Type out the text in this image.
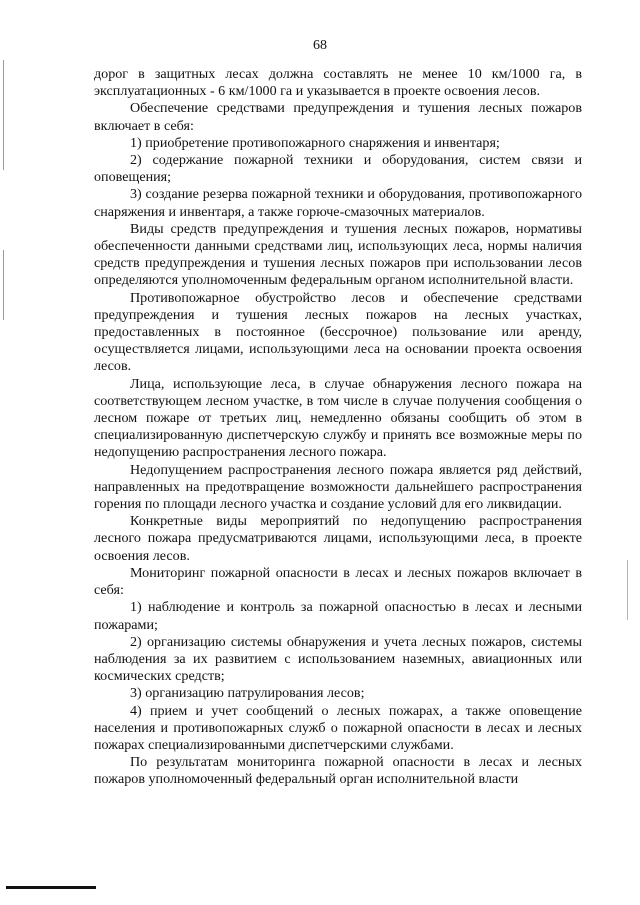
68

дорог в защитных лесах должна составлять не менее 10 км/1000 га, в эксплуатационных - 6 км/1000 га и указывается в проекте освоения лесов.

Обеспечение средствами предупреждения и тушения лесных пожаров включает в себя:

1) приобретение противопожарного снаряжения и инвентаря;

2) содержание пожарной техники и оборудования, систем связи и оповещения;

3) создание резерва пожарной техники и оборудования, противопожарного снаряжения и инвентаря, а также горюче-смазочных материалов.

Виды средств предупреждения и тушения лесных пожаров, нормативы обеспеченности данными средствами лиц, использующих леса, нормы наличия средств предупреждения и тушения лесных пожаров при использовании лесов определяются уполномоченным федеральным органом исполнительной власти.

Противопожарное обустройство лесов и обеспечение средствами предупреждения и тушения лесных пожаров на лесных участках, предоставленных в постоянное (бессрочное) пользование или аренду, осуществляется лицами, использующими леса на основании проекта освоения лесов.

Лица, использующие леса, в случае обнаружения лесного пожара на соответствующем лесном участке, в том числе в случае получения сообщения о лесном пожаре от третьих лиц, немедленно обязаны сообщить об этом в специализированную диспетчерскую службу и принять все возможные меры по недопущению распространения лесного пожара.

Недопущением распространения лесного пожара является ряд действий, направленных на предотвращение возможности дальнейшего распространения горения по площади лесного участка и создание условий для его ликвидации.

Конкретные виды мероприятий по недопущению распространения лесного пожара предусматриваются лицами, использующими леса, в проекте освоения лесов.

Мониторинг пожарной опасности в лесах и лесных пожаров включает в себя:

1) наблюдение и контроль за пожарной опасностью в лесах и лесными пожарами;

2) организацию системы обнаружения и учета лесных пожаров, системы наблюдения за их развитием с использованием наземных, авиационных или космических средств;

3) организацию патрулирования лесов;

4) прием и учет сообщений о лесных пожарах, а также оповещение населения и противопожарных служб о пожарной опасности в лесах и лесных пожарах специализированными диспетчерскими службами.

По результатам мониторинга пожарной опасности в лесах и лесных пожаров уполномоченный федеральный орган исполнительной власти
